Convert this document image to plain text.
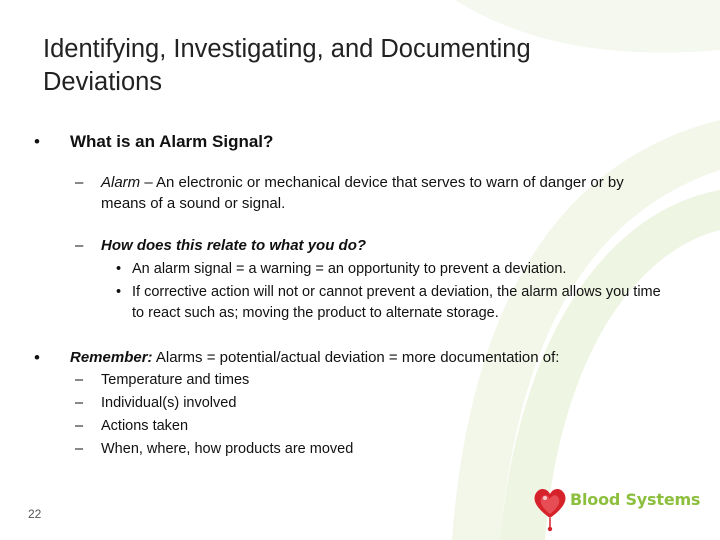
Identifying, Investigating, and Documenting Deviations
• What is an Alarm Signal?
– Alarm – An electronic or mechanical device that serves to warn of danger or by means of a sound or signal.
– How does this relate to what you do?
• An alarm signal = a warning = an opportunity to prevent a deviation.
• If corrective action will not or cannot prevent a deviation, the alarm allows you time to react such as; moving the product to alternate storage.
• Remember: Alarms = potential/actual deviation = more documentation of:
– Temperature and times
– Individual(s) involved
– Actions taken
– When, where, how products are moved
22
Blood Systems
